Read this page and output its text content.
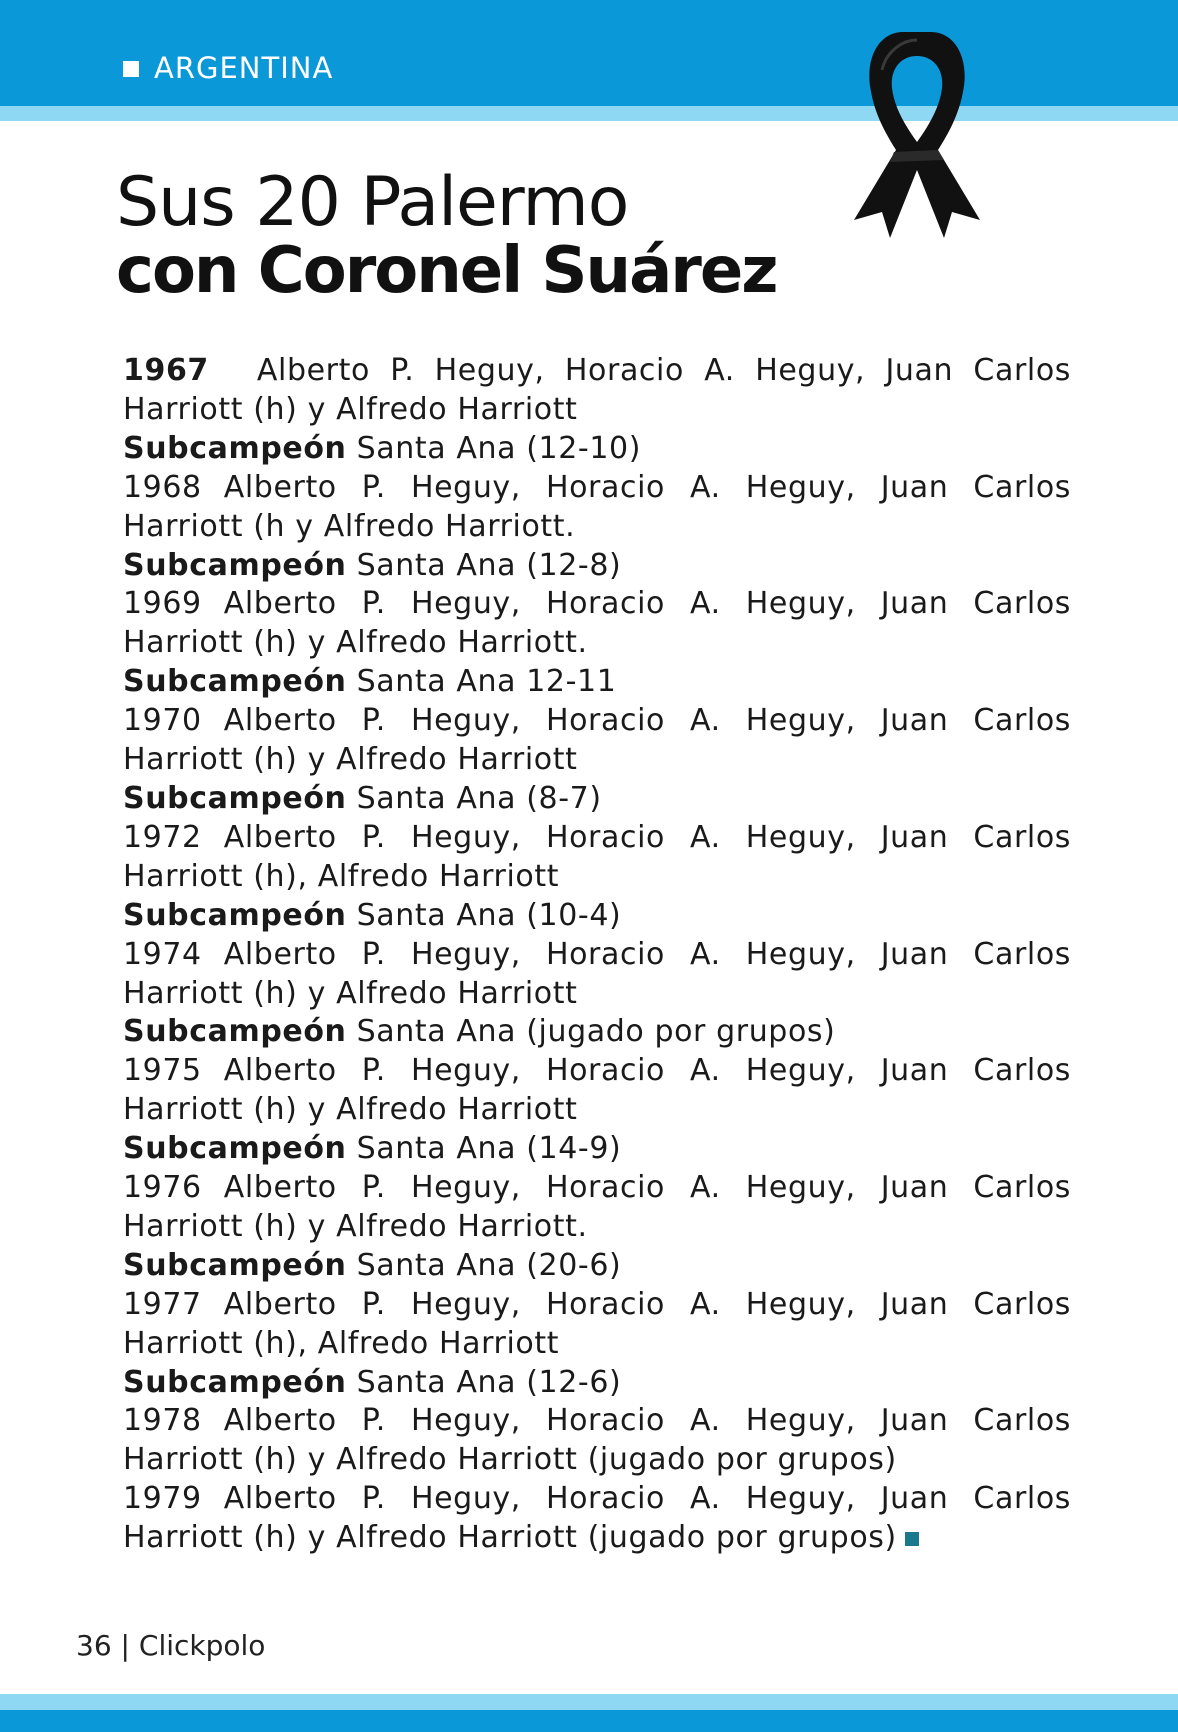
ARGENTINA
Sus 20 Palermo
con Coronel Suárez

1967 Alberto P. Heguy, Horacio A. Heguy, Juan Carlos Harriott (h) y Alfredo Harriott

Subcampeón Santa Ana (12-10)

1968 Alberto P. Heguy, Horacio A. Heguy, Juan Carlos Harriott (h y Alfredo Harriott.

Subcampeón Santa Ana (12-8)

1969 Alberto P. Heguy, Horacio A. Heguy, Juan Carlos Harriott (h) y Alfredo Harriott.

Subcampeón Santa Ana 12-11

1970 Alberto P. Heguy, Horacio A. Heguy, Juan Carlos Harriott (h) y Alfredo Harriott

Subcampeón Santa Ana (8-7)

1972 Alberto P. Heguy, Horacio A. Heguy, Juan Carlos Harriott (h), Alfredo Harriott

Subcampeón Santa Ana (10-4)

1974 Alberto P. Heguy, Horacio A. Heguy, Juan Carlos Harriott (h) y Alfredo Harriott

Subcampeón Santa Ana (jugado por grupos)

1975 Alberto P. Heguy, Horacio A. Heguy, Juan Carlos Harriott (h) y Alfredo Harriott

Subcampeón Santa Ana (14-9)

1976 Alberto P. Heguy, Horacio A. Heguy, Juan Carlos Harriott (h) y Alfredo Harriott.

Subcampeón Santa Ana (20-6)

1977 Alberto P. Heguy, Horacio A. Heguy, Juan Carlos Harriott (h), Alfredo Harriott

Subcampeón Santa Ana (12-6)

1978 Alberto P. Heguy, Horacio A. Heguy, Juan Carlos Harriott (h) y Alfredo Harriott (jugado por grupos)

1979 Alberto P. Heguy, Horacio A. Heguy, Juan Carlos Harriott (h) y Alfredo Harriott (jugado por grupos)

36 | Clickpolo
